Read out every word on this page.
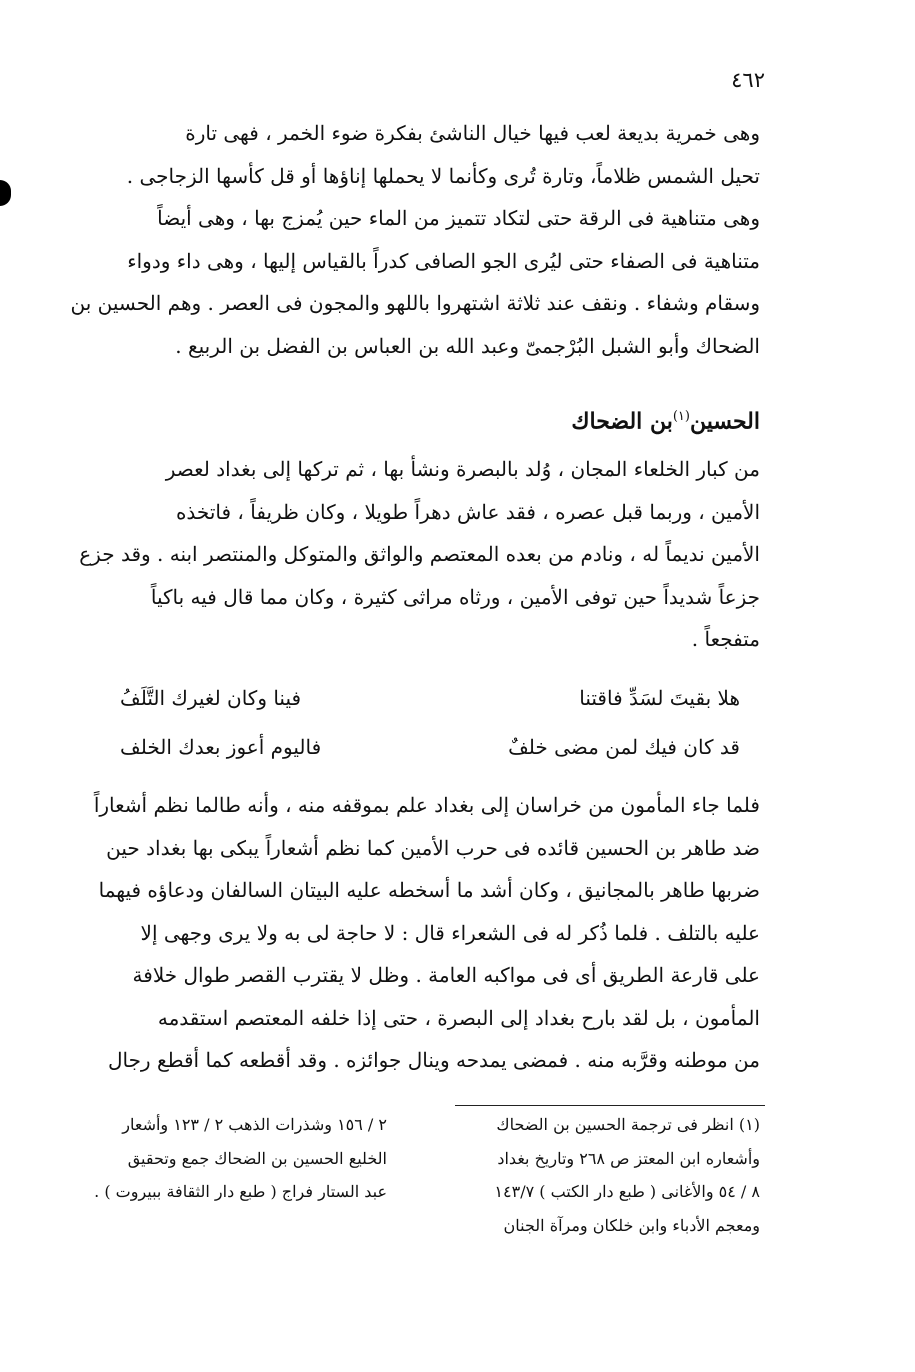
٤٦٢

وهى خمرية بديعة لعب فيها خيال الناشئ بفكرة ضوء الخمر ، فهى تارة
تحيل الشمس ظلاماً، وتارة تُرى وكأنما لا يحملها إناؤها أو قل كأسها الزجاجى .
وهى متناهية فى الرقة حتى لتكاد تتميز من الماء حين يُمزج بها ، وهى أيضاً
متناهية فى الصفاء حتى ليُرى الجو الصافى كدراً بالقياس إليها ، وهى داء ودواء
وسقام وشفاء . ونقف عند ثلاثة اشتهروا باللهو والمجون فى العصر . وهم الحسين بن
الضحاك وأبو الشبل البُرْجمىّ وعبد الله بن العباس بن الفضل بن الربيع .

الحسين$^{(١)}$بن الضحاك

من كبار الخلعاء المجان ، وُلد بالبصرة ونشأ بها ، ثم تركها إلى بغداد لعصر
الأمين ، وربما قبل عصره ، فقد عاش دهراً طويلا ، وكان ظريفاً ، فاتخذه
الأمين نديماً له ، ونادم من بعده المعتصم والواثق والمتوكل والمنتصر ابنه . وقد جزع
جزعاً شديداً حين توفى الأمين ، ورثاه مراثى كثيرة ، وكان مما قال فيه باكياً
متفجعاً .

هلا بقيتَ لسَدِّ فاقتنا
فينا وكان لغيرك التَّلَفُ
قد كان فيك لمن مضى خلفٌ
فاليوم أعوز بعدك الخلف

فلما جاء المأمون من خراسان إلى بغداد علم بموقفه منه ، وأنه طالما نظم أشعاراً
ضد طاهر بن الحسين قائده فى حرب الأمين كما نظم أشعاراً يبكى بها بغداد حين
ضربها طاهر بالمجانيق ، وكان أشد ما أسخطه عليه البيتان السالفان ودعاؤه فيهما
عليه بالتلف . فلما ذُكر له فى الشعراء قال : لا حاجة لى به ولا يرى وجهى إلا
على قارعة الطريق أى فى مواكبه العامة . وظل لا يقترب القصر طوال خلافة
المأمون ، بل لقد بارح بغداد إلى البصرة ، حتى إذا خلفه المعتصم استقدمه
من موطنه وقرَّبه منه . فمضى يمدحه وينال جوائزه . وقد أقطعه كما أقطع رجال

(١) انظر فى ترجمة الحسين بن الضحاك
وأشعاره ابن المعتز ص ٢٦٨ وتاريخ بغداد
٨ / ٥٤ والأغانى ( طبع دار الكتب ) ١٤٣/٧
ومعجم الأدباء وابن خلكان ومرآة الجنان

٢ / ١٥٦ وشذرات الذهب ٢ / ١٢٣ وأشعار
الخليع الحسين بن الضحاك جمع وتحقيق
عبد الستار فراج ( طبع دار الثقافة ببيروت ) .
